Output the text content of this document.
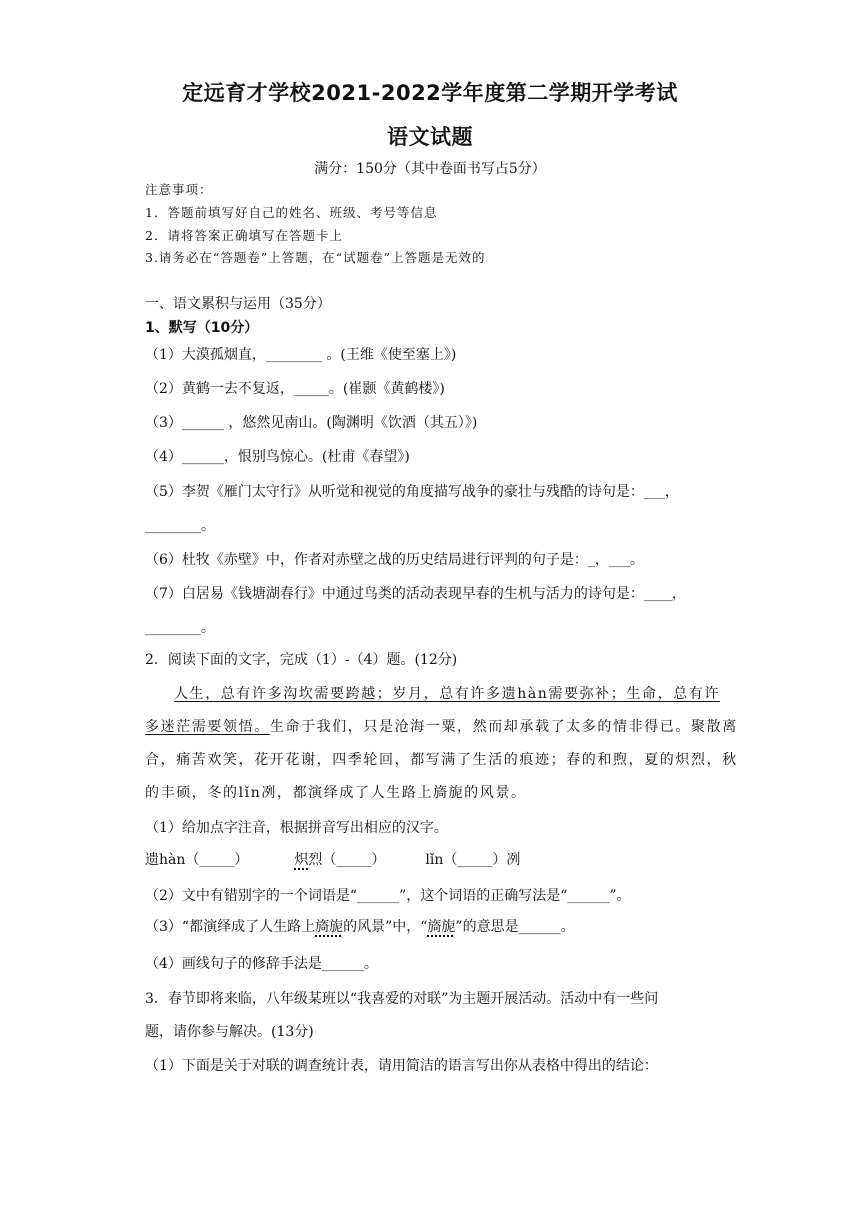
定远育才学校2021-2022学年度第二学期开学考试
语文试题
满分：150分（其中卷面书写占5分）
注意事项：
1．答题前填写好自己的姓名、班级、考号等信息
2．请将答案正确填写在答题卡上
3.请务必在“答题卷”上答题，在“试题卷”上答题是无效的
一、语文累积与运用（35分）
1、默写（10分）
（1）大漠孤烟直，________ 。(王维《使至塞上》)
（2）黄鹤一去不复返，_____。(崔颢《黄鹤楼》)
（3）______ ，悠然见南山。(陶渊明《饮酒（其五）》)
（4）______，恨别鸟惊心。(杜甫《春望》)
（5）李贺《雁门太守行》从听觉和视觉的角度描写战争的豪壮与残酷的诗句是：___，
________。
（6）杜牧《赤壁》中，作者对赤壁之战的历史结局进行评判的句子是：_，___。
（7）白居易《钱塘湖春行》中通过鸟类的活动表现早春的生机与活力的诗句是：____，
________。
2．阅读下面的文字，完成（1）-（4）题。(12分)
人生，总有许多沟坎需要跨越；岁月，总有许多遗hàn需要弥补；生命，总有许
多迷茫需要领悟。生命于我们，只是沧海一粟，然而却承载了太多的情非得已。聚散离
合，痛苦欢笑，花开花谢，四季轮回，都写满了生活的痕迹；春的和煦，夏的炽烈，秋
的丰硕，冬的lǐn冽，都演绎成了人生路上旖旎的风景。
（1）给加点字注音，根据拼音写出相应的汉字。
遗hàn（_____）	炽烈（_____）	lǐn（_____）冽
（2）文中有错别字的一个词语是“______”，这个词语的正确写法是“______”。
（3）“都演绎成了人生路上旖旎的风景”中，“旖旎”的意思是______。
（4）画线句子的修辞手法是______。
3．春节即将来临，八年级某班以“我喜爱的对联”为主题开展活动。活动中有一些问
题，请你参与解决。(13分)
（1）下面是关于对联的调查统计表，请用简洁的语言写出你从表格中得出的结论：
